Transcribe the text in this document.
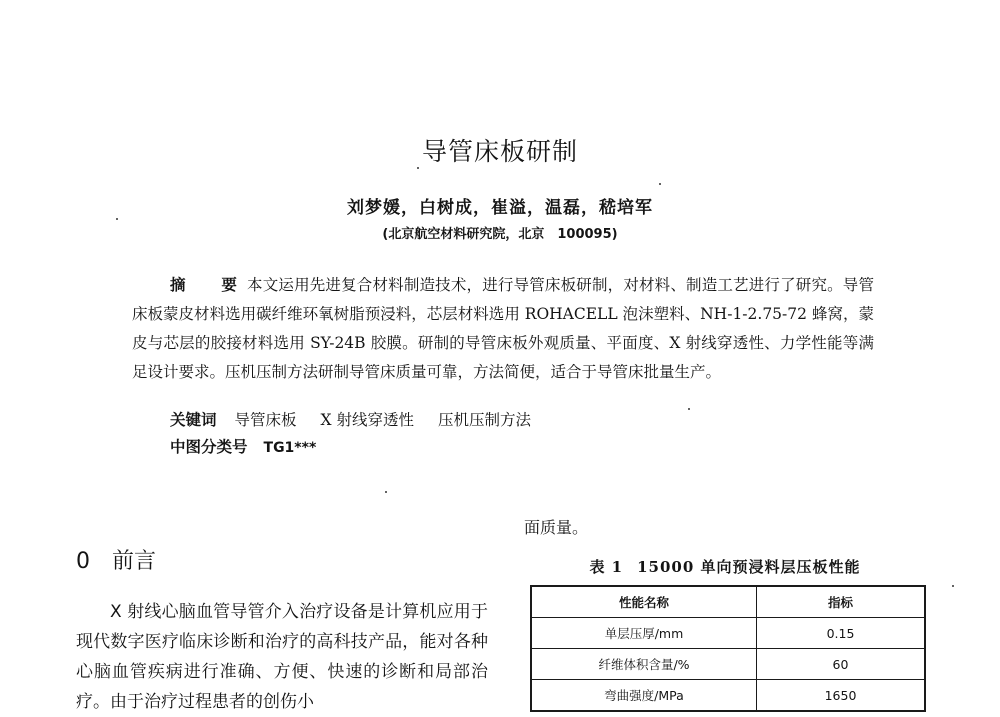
导管床板研制
刘梦媛，白树成，崔溢，温磊，嵇培军
(北京航空材料研究院，北京　100095)
摘　要本文运用先进复合材料制造技术，进行导管床板研制，对材料、制造工艺进行了研究。导管床板蒙皮材料选用碳纤维环氧树脂预浸料，芯层材料选用 ROHACELL 泡沫塑料、NH-1-2.75-72 蜂窝，蒙皮与芯层的胶接材料选用 SY-24B 胶膜。研制的导管床板外观质量、平面度、X 射线穿透性、力学性能等满足设计要求。压机压制方法研制导管床质量可靠，方法简便，适合于导管床批量生产。
关键词 导管床板 X 射线穿透性 压机压制方法
中图分类号 TG1***
0 前言
X 射线心脑血管导管介入治疗设备是计算机应用于现代数字医疗临床诊断和治疗的高科技产品，能对各种心脑血管疾病进行准确、方便、快速的诊断和局部治疗。由于治疗过程患者的创伤小
面质量。
表 1 15000 单向预浸料层压板性能
性能名称	指标
单层压厚/mm	0.15
纤维体积含量/%	60
弯曲强度/MPa	1650
